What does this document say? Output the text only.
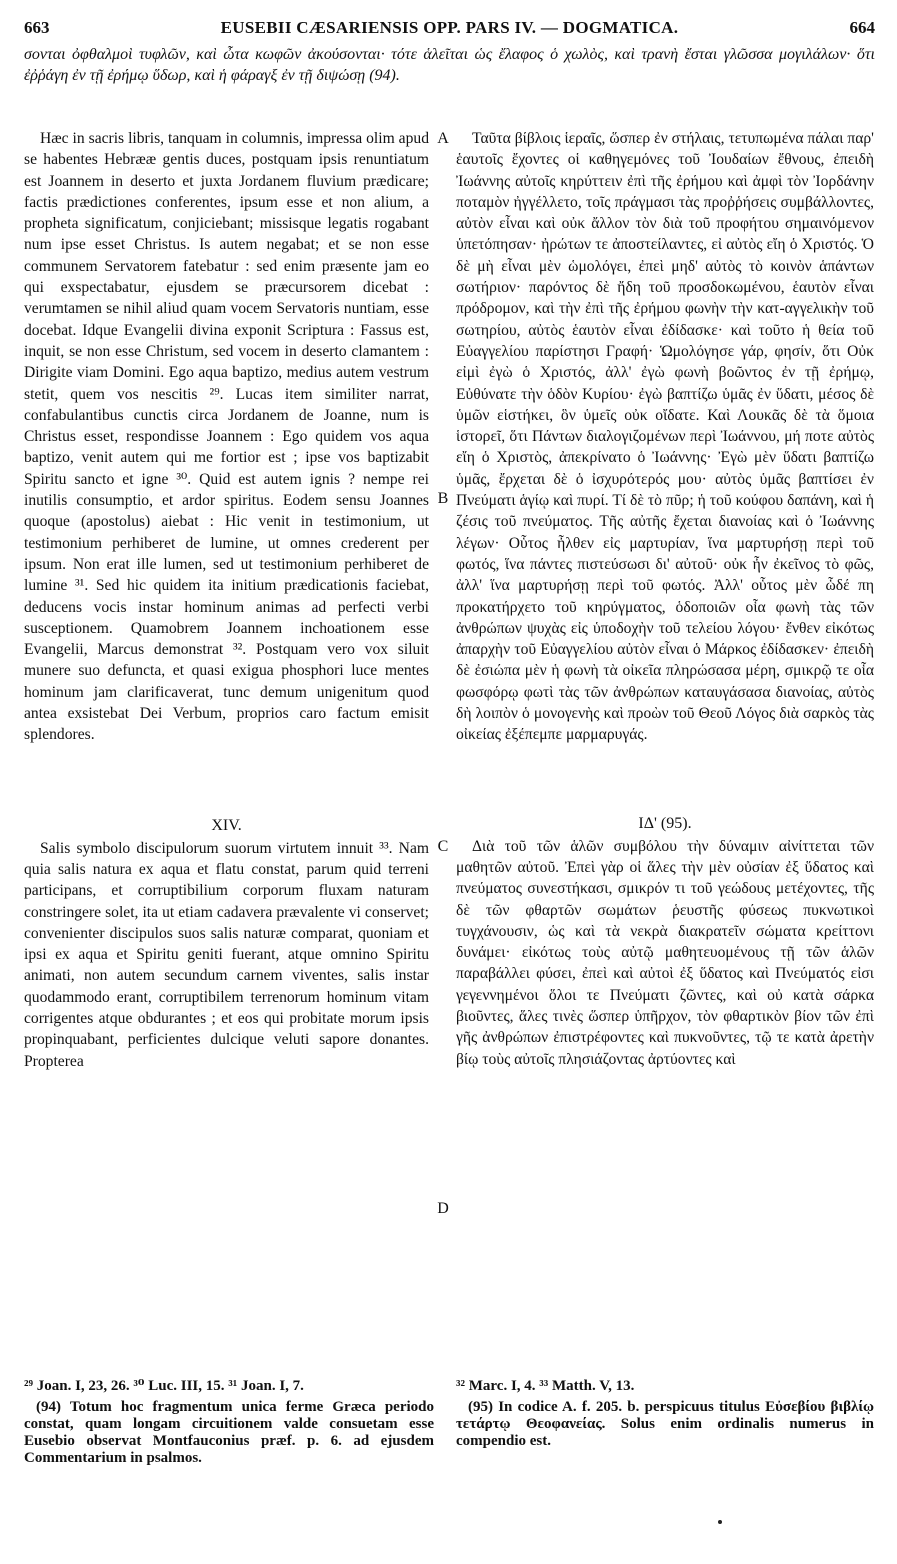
663	EUSEBII CÆSARIENSIS OPP. PARS IV. — DOGMATICA.	664
σονται ὀφθαλμοὶ τυφλῶν, καὶ ὦτα κωφῶν ἀκούσονται· τότε ἁλεῖται ὡς ἔλαφος ὁ χωλὸς, καὶ τρανὴ ἔσται γλῶσσα μογιλάλων· ὅτι ἐῤῥάγη ἐν τῇ ἐρήμῳ ὕδωρ, καὶ ἡ φάραγξ ἐν τῇ διψώσῃ (94).

Hæc in sacris libris, tanquam in columnis, impressa olim apud se habentes Hebrææ gentis duces, postquam ipsis renuntiatum est Joannem in deserto et juxta Jordanem fluvium prædicare; factis prædictiones conferentes, ipsum esse et non alium, a propheta significatum, conjiciebant; missisque legatis rogabant num ipse esset Christus. Is autem negabat; et se non esse communem Servatorem fatebatur : sed enim præsente jam eo qui exspectabatur, ejusdem se præcursorem dicebat : verumtamen se nihil aliud quam vocem Servatoris nuntiam, esse docebat. Idque Evangelii divina exponit Scriptura : Fassus est, inquit, se non esse Christum, sed vocem in deserto clamantem : Dirigite viam Domini. Ego aqua baptizo, medius autem vestrum stetit, quem vos nescitis ²⁹. Lucas item similiter narrat, confabulantibus cunctis circa Jordanem de Joanne, num is Christus esset, respondisse Joannem : Ego quidem vos aqua baptizo, venit autem qui me fortior est ; ipse vos baptizabit Spiritu sancto et igne ³⁰. Quid est autem ignis ? nempe rei inutilis consumptio, et ardor spiritus. Eodem sensu Joannes quoque (apostolus) aiebat : Hic venit in testimonium, ut testimonium perhiberet de lumine, ut omnes crederent per ipsum. Non erat ille lumen, sed ut testimonium perhiberet de lumine ³¹. Sed hic quidem ita initium prædicationis faciebat, deducens vocis instar hominum animas ad perfecti verbi susceptionem. Quamobrem Joannem inchoationem esse Evangelii, Marcus demonstrat ³². Postquam vero vox siluit munere suo defuncta, et quasi exigua phosphori luce mentes hominum jam clarificaverat, tunc demum unigenitum quod antea exsistebat Dei Verbum, proprios caro factum emisit splendores.

XIV.

Salis symbolo discipulorum suorum virtutem innuit ³³. Nam quia salis natura ex aqua et flatu constat, parum quid terreni participans, et corruptibilium corporum fluxam naturam constringere solet, ita ut etiam cadavera prævalente vi conservet; convenienter discipulos suos salis naturæ comparat, quoniam et ipsi ex aqua et Spiritu geniti fuerant, atque omnino Spiritu animati, non autem secundum carnem viventes, salis instar quodammodo erant, corruptibilem terrenorum hominum vitam corrigentes atque obdurantes ; et eos qui probitate morum ipsis propinquabant, perficientes dulcique veluti sapore donantes. Propterea

Ταῦτα βίβλοις ἱεραῖς, ὥσπερ ἐν στήλαις, τετυπωμένα πάλαι παρ' ἑαυτοῖς ἔχοντες οἱ καθηγεμόνες τοῦ Ἰουδαίων ἔθνους, ἐπειδὴ Ἰωάννης αὐτοῖς κηρύττειν ἐπὶ τῆς ἐρήμου καὶ ἀμφὶ τὸν Ἰορδάνην ποταμὸν ἠγγέλλετο, τοῖς πράγμασι τὰς προῤῥήσεις συμβάλλοντες, αὐτὸν εἶναι καὶ οὐκ ἄλλον τὸν διὰ τοῦ προφήτου σημαινόμενον ὑπετόπησαν· ἠρώτων τε ἀποστείλαντες, εἰ αὐτὸς εἴη ὁ Χριστός. Ὁ δὲ μὴ εἶναι μὲν ὡμολόγει, ἐπεὶ μηδ' αὐτὸς τὸ κοινὸν ἁπάντων σωτήριον· παρόντος δὲ ἤδη τοῦ προσδοκωμένου, ἑαυτὸν εἶναι πρόδρομον, καὶ τὴν ἐπὶ τῆς ἐρήμου φωνὴν τὴν κατ-αγγελικὴν τοῦ σωτηρίου, αὐτὸς ἑαυτὸν εἶναι ἐδίδασκε· καὶ τοῦτο ἡ θεία τοῦ Εὐαγγελίου παρίστησι Γραφή· Ὡμολόγησε γάρ, φησίν, ὅτι Οὐκ εἰμὶ ἐγὼ ὁ Χριστός, ἀλλ' ἐγὼ φωνὴ βοῶντος ἐν τῇ ἐρήμῳ, Εὐθύνατε τὴν ὁδὸν Κυρίου· ἐγὼ βαπτίζω ὑμᾶς ἐν ὕδατι, μέσος δὲ ὑμῶν εἱστήκει, ὃν ὑμεῖς οὐκ οἴδατε. Καὶ Λουκᾶς δὲ τὰ ὅμοια ἱστορεῖ, ὅτι Πάντων διαλογιζομένων περὶ Ἰωάννου, μή ποτε αὐτὸς εἴη ὁ Χριστὸς, ἀπεκρίνατο ὁ Ἰωάννης· Ἐγὼ μὲν ὕδατι βαπτίζω ὑμᾶς, ἔρχεται δὲ ὁ ἰσχυρότερός μου· αὐτὸς ὑμᾶς βαπτίσει ἐν Πνεύματι ἁγίῳ καὶ πυρί. Τί δὲ τὸ πῦρ; ἡ τοῦ κούφου δαπάνη, καὶ ἡ ζέσις τοῦ πνεύματος. Τῆς αὐτῆς ἔχεται διανοίας καὶ ὁ Ἰωάννης λέγων· Οὗτος ἦλθεν εἰς μαρτυρίαν, ἵνα μαρτυρήσῃ περὶ τοῦ φωτός, ἵνα πάντες πιστεύσωσι δι' αὐτοῦ· οὐκ ἦν ἐκεῖνος τὸ φῶς, ἀλλ' ἵνα μαρτυρήσῃ περὶ τοῦ φωτός. Ἀλλ' οὗτος μὲν ὧδέ πη προκατήρχετο τοῦ κηρύγματος, ὁδοποιῶν οἷα φωνὴ τὰς τῶν ἀνθρώπων ψυχὰς εἰς ὑποδοχὴν τοῦ τελείου λόγου· ἔνθεν εἰκότως ἀπαρχὴν τοῦ Εὐαγγελίου αὐτὸν εἶναι ὁ Μάρκος ἐδίδασκεν· ἐπειδὴ δὲ ἐσιώπα μὲν ἡ φωνὴ τὰ οἰκεῖα πληρώσασα μέρη, σμικρῷ τε οἷα φωσφόρῳ φωτὶ τὰς τῶν ἀνθρώπων καταυγάσασα διανοίας, αὐτὸς δὴ λοιπὸν ὁ μονογενὴς καὶ προὼν τοῦ Θεοῦ Λόγος διὰ σαρκὸς τὰς οἰκείας ἐξέπεμπε μαρμαρυγάς.

ΙΔ' (95).

Διὰ τοῦ τῶν ἁλῶν συμβόλου τὴν δύναμιν αἰνίττεται τῶν μαθητῶν αὐτοῦ. Ἐπεὶ γὰρ οἱ ἅλες τὴν μὲν οὐσίαν ἐξ ὕδατος καὶ πνεύματος συνεστήκασι, σμικρόν τι τοῦ γεώδους μετέχοντες, τῆς δὲ τῶν φθαρτῶν σωμάτων ῥευστῆς φύσεως πυκνωτικοὶ τυγχάνουσιν, ὡς καὶ τὰ νεκρὰ διακρατεῖν σώματα κρείττονι δυνάμει· εἰκότως τοὺς αὐτῷ μαθητευομένους τῇ τῶν ἁλῶν παραβάλλει φύσει, ἐπεὶ καὶ αὐτοὶ ἐξ ὕδατος καὶ Πνεύματός εἰσι γεγεννημένοι ὅλοι τε Πνεύματι ζῶντες, καὶ οὐ κατὰ σάρκα βιοῦντες, ἅλες τινὲς ὥσπερ ὑπῆρχον, τὸν φθαρτικὸν βίον τῶν ἐπὶ γῆς ἀνθρώπων ἐπιστρέφοντες καὶ πυκνοῦντες, τῷ τε κατὰ ἀρετὴν βίῳ τοὺς αὐτοῖς πλησιάζοντας ἀρτύοντες καὶ

A
B
C
D
²⁹ Joan. I, 23, 26. ³⁰ Luc. III, 15. ³¹ Joan. I, 7.
(94) Totum hoc fragmentum unica ferme Græca periodo constat, quam longam circuitionem valde consuetam esse Eusebio observat Montfauconius præf. p. 6. ad ejusdem Commentarium in psalmos.
³² Marc. I, 4. ³³ Matth. V, 13.
(95) In codice A. f. 205. b. perspicuus titulus Εὐσεβίου βιβλίῳ τετάρτῳ Θεοφανείας. Solus enim ordinalis numerus in compendio est.
